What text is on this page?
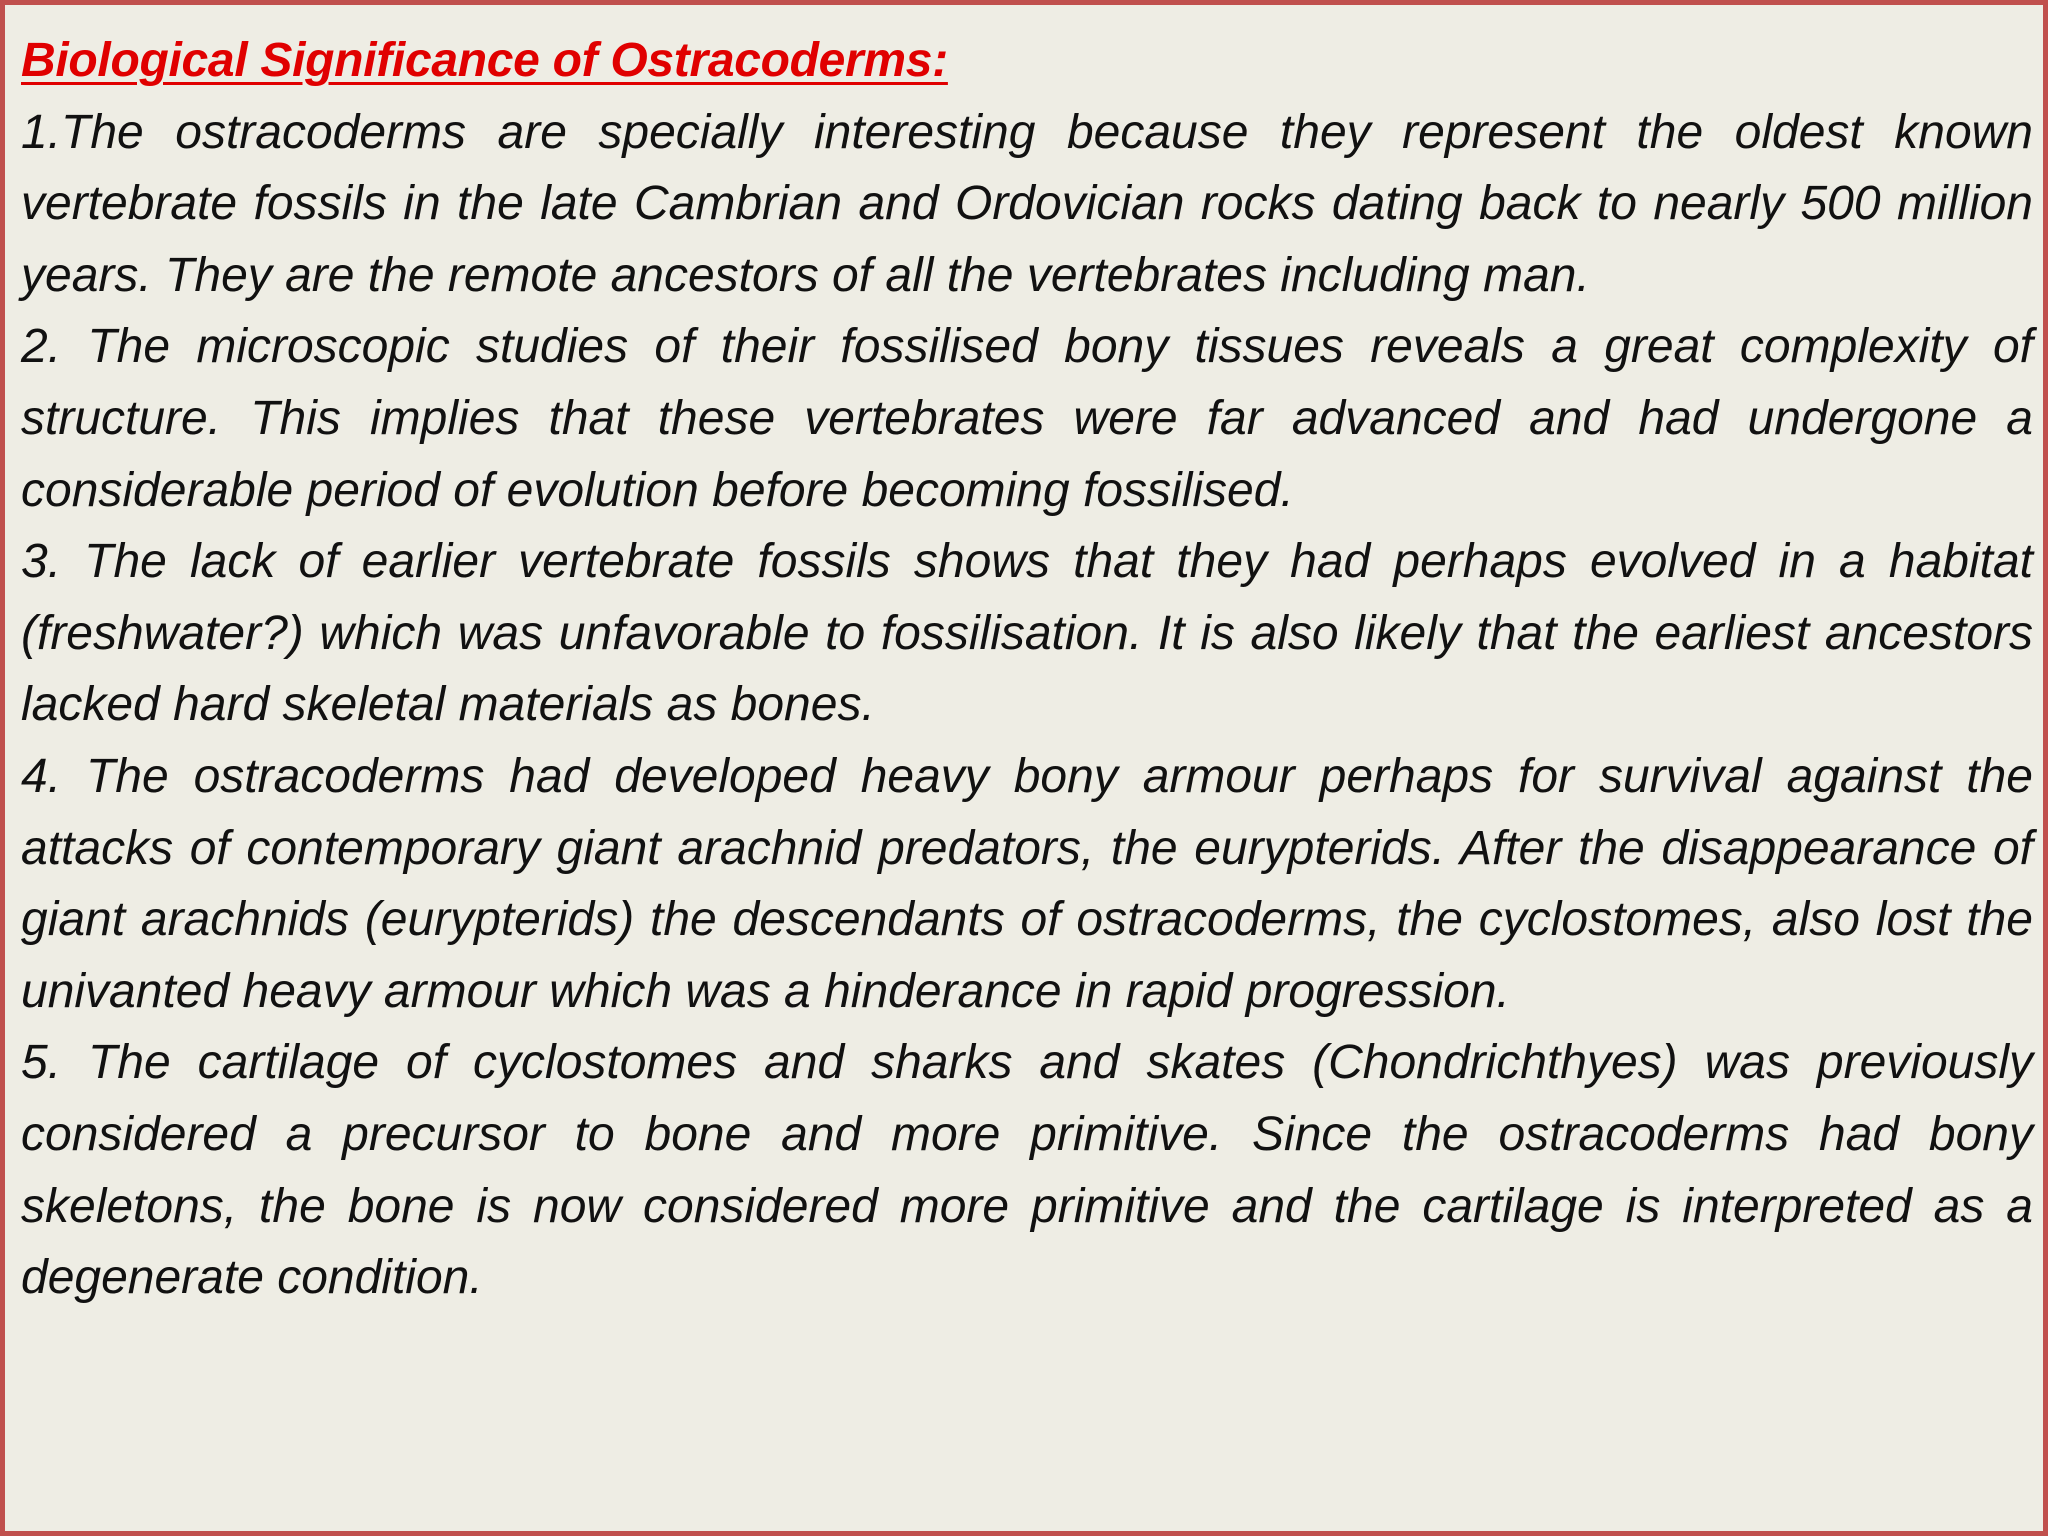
Biological Significance of Ostracoderms:

1.The ostracoderms are specially interesting because they represent the oldest known vertebrate fossils in the late Cambrian and Ordovician rocks dating back to nearly 500 million years. They are the remote ancestors of all the vertebrates including man.

2. The microscopic studies of their fossilised bony tissues reveals a great complexity of structure. This implies that these vertebrates were far advanced and had undergone a considerable period of evolution before becoming fossilised.

3. The lack of earlier vertebrate fossils shows that they had perhaps evolved in a habitat (freshwater?) which was unfavorable to fossilisation. It is also likely that the earliest ancestors lacked hard skeletal materials as bones.

4. The ostracoderms had developed heavy bony armour perhaps for survival against the attacks of contemporary giant arachnid predators, the eurypterids. After the disappearance of giant arachnids (eurypterids) the descendants of ostracoderms, the cyclostomes, also lost the univanted heavy armour which was a hinderance in rapid progression.

5. The cartilage of cyclostomes and sharks and skates (Chondrichthyes) was previously considered a precursor to bone and more primitive. Since the ostracoderms had bony skeletons, the bone is now considered more primitive and the cartilage is interpreted as a degenerate condition.
